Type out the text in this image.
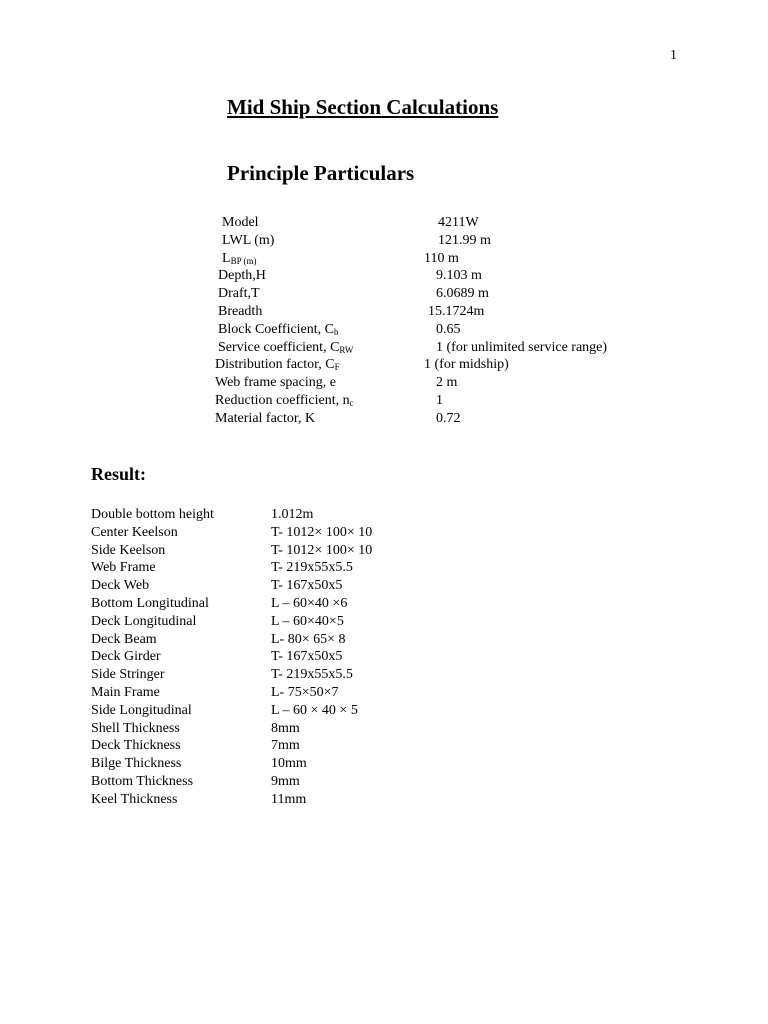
1
Mid Ship Section Calculations
Principle Particulars
Model	4211W
LWL (m)	121.99 m
$L_{BP (m)}$	110 m
Depth,H	9.103 m
Draft,T	6.0689 m
Breadth	15.1724m
Block Coefficient, $C_b$	0.65
Service coefficient, $C_{RW}$	1 (for unlimited service range)
Distribution factor, $C_F$	1 (for midship)
Web frame spacing, e	2 m
Reduction coefficient, $n_c$	1
Material factor, K	0.72
Result:
Double bottom height	1.012m
Center Keelson	T- 1012× 100× 10
Side Keelson	T- 1012× 100× 10
Web Frame	T- 219x55x5.5
Deck Web	T- 167x50x5
Bottom Longitudinal	L – 60×40 ×6
Deck Longitudinal	L – 60×40×5
Deck Beam	L- 80× 65× 8
Deck Girder	T- 167x50x5
Side Stringer	T- 219x55x5.5
Main Frame	L- 75×50×7
Side Longitudinal	L – 60 × 40 × 5
Shell Thickness	8mm
Deck Thickness	7mm
Bilge Thickness	10mm
Bottom Thickness	9mm
Keel Thickness	11mm
